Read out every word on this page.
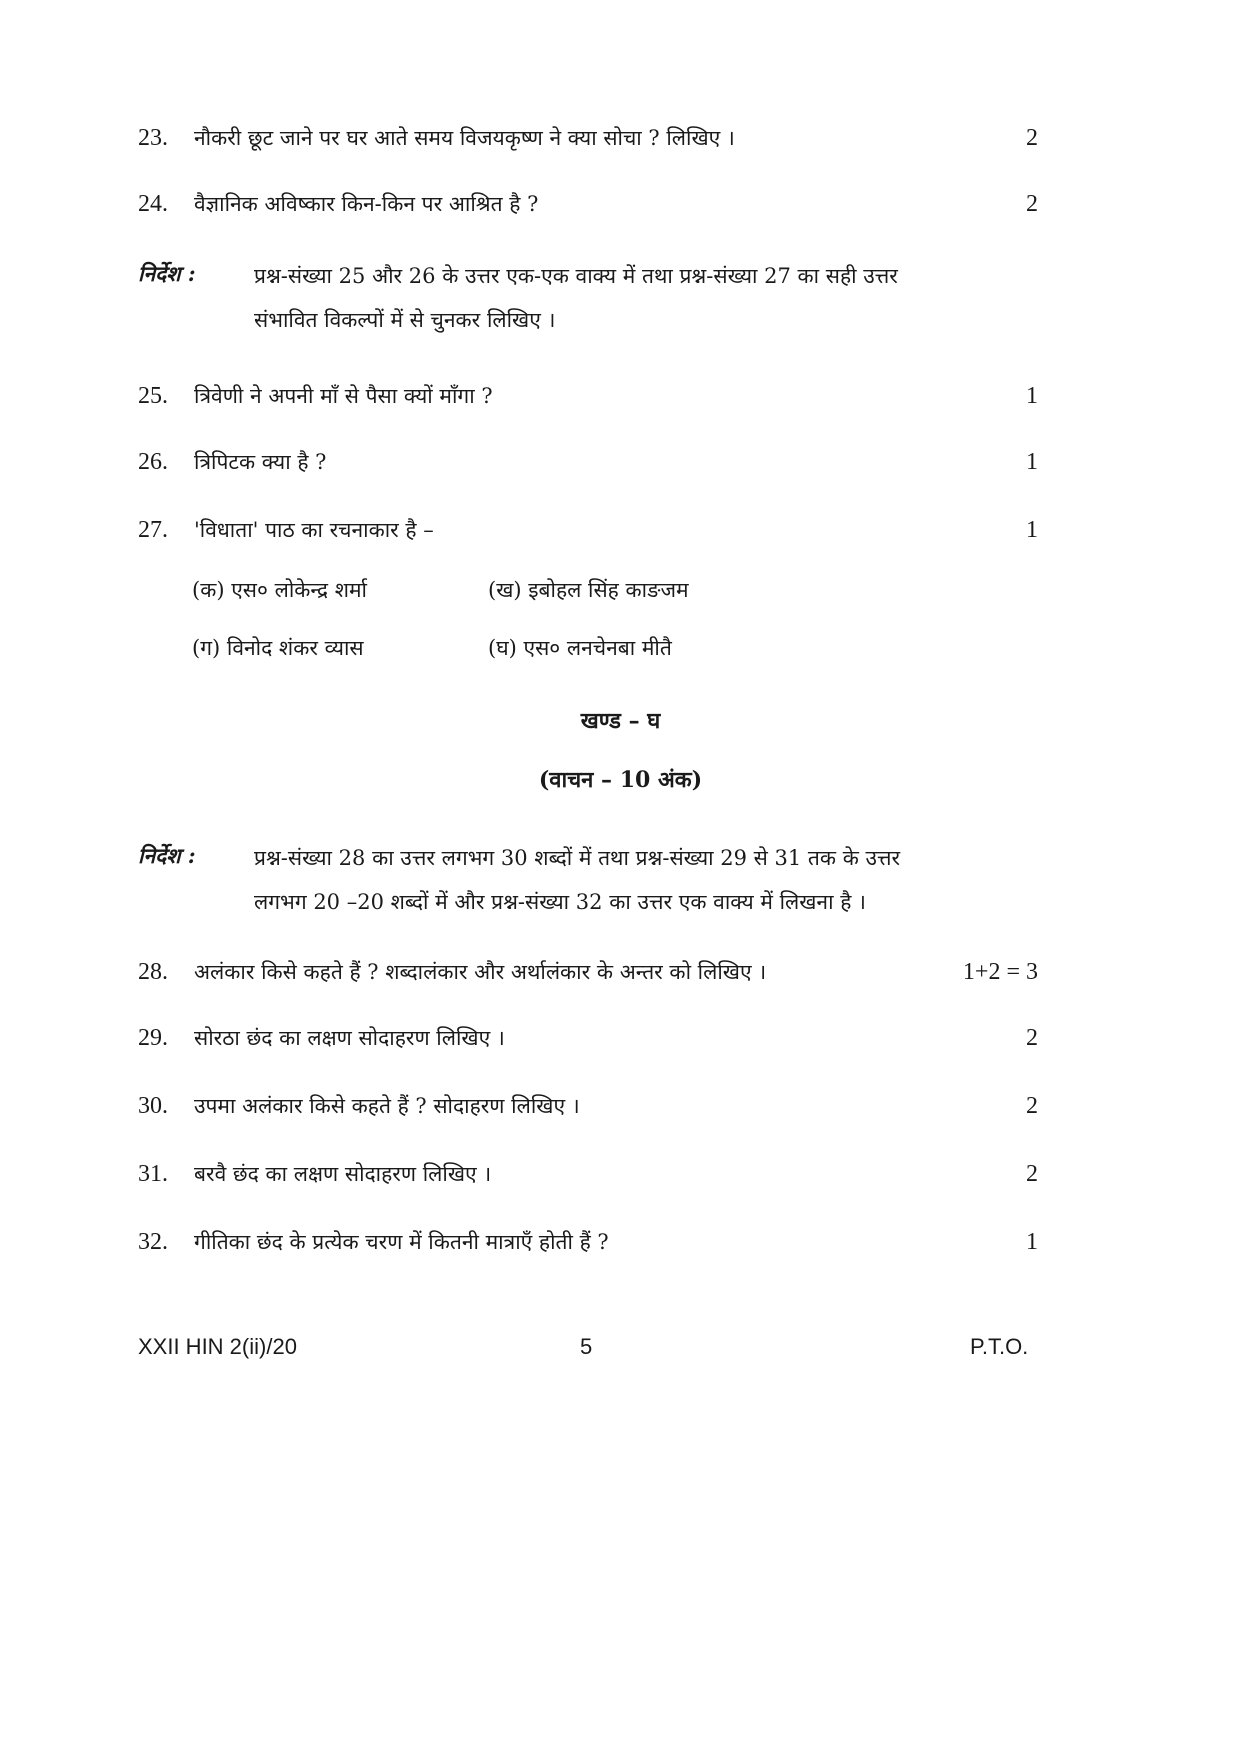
23. नौकरी छूट जाने पर घर आते समय विजयकृष्ण ने क्या सोचा ? लिखिए ।	2
24. वैज्ञानिक अविष्कार किन-किन पर आश्रित है ?	2
निर्देश :	प्रश्न-संख्या 25 और 26 के उत्तर एक-एक वाक्य में तथा प्रश्न-संख्या 27 का सही उत्तर
संभावित विकल्पों में से चुनकर लिखिए ।
25. त्रिवेणी ने अपनी माँ से पैसा क्यों माँगा ?	1
26. त्रिपिटक क्या है ?	1
27. 'विधाता' पाठ का रचनाकार है –	1
(क) एस० लोकेन्द्र शर्मा	(ख) इबोहल सिंह काङजम
(ग) विनोद शंकर व्यास	(घ) एस० लनचेनबा मीतै
खण्ड – घ
(वाचन – 10 अंक)
निर्देश :	प्रश्न-संख्या 28 का उत्तर लगभग 30 शब्दों में तथा प्रश्न-संख्या 29 से 31 तक के उत्तर
लगभग 20 –20 शब्दों में और प्रश्न-संख्या 32 का उत्तर एक वाक्य में लिखना है ।
28. अलंकार किसे कहते हैं ? शब्दालंकार और अर्थालंकार के अन्तर को लिखिए ।	1+2 = 3
29. सोरठा छंद का लक्षण सोदाहरण लिखिए ।	2
30. उपमा अलंकार किसे कहते हैं ? सोदाहरण लिखिए ।	2
31. बरवै छंद का लक्षण सोदाहरण लिखिए ।	2
32. गीतिका छंद के प्रत्येक चरण में कितनी मात्राएँ होती हैं ?	1
XXII HIN 2(ii)/20	5	P.T.O.
